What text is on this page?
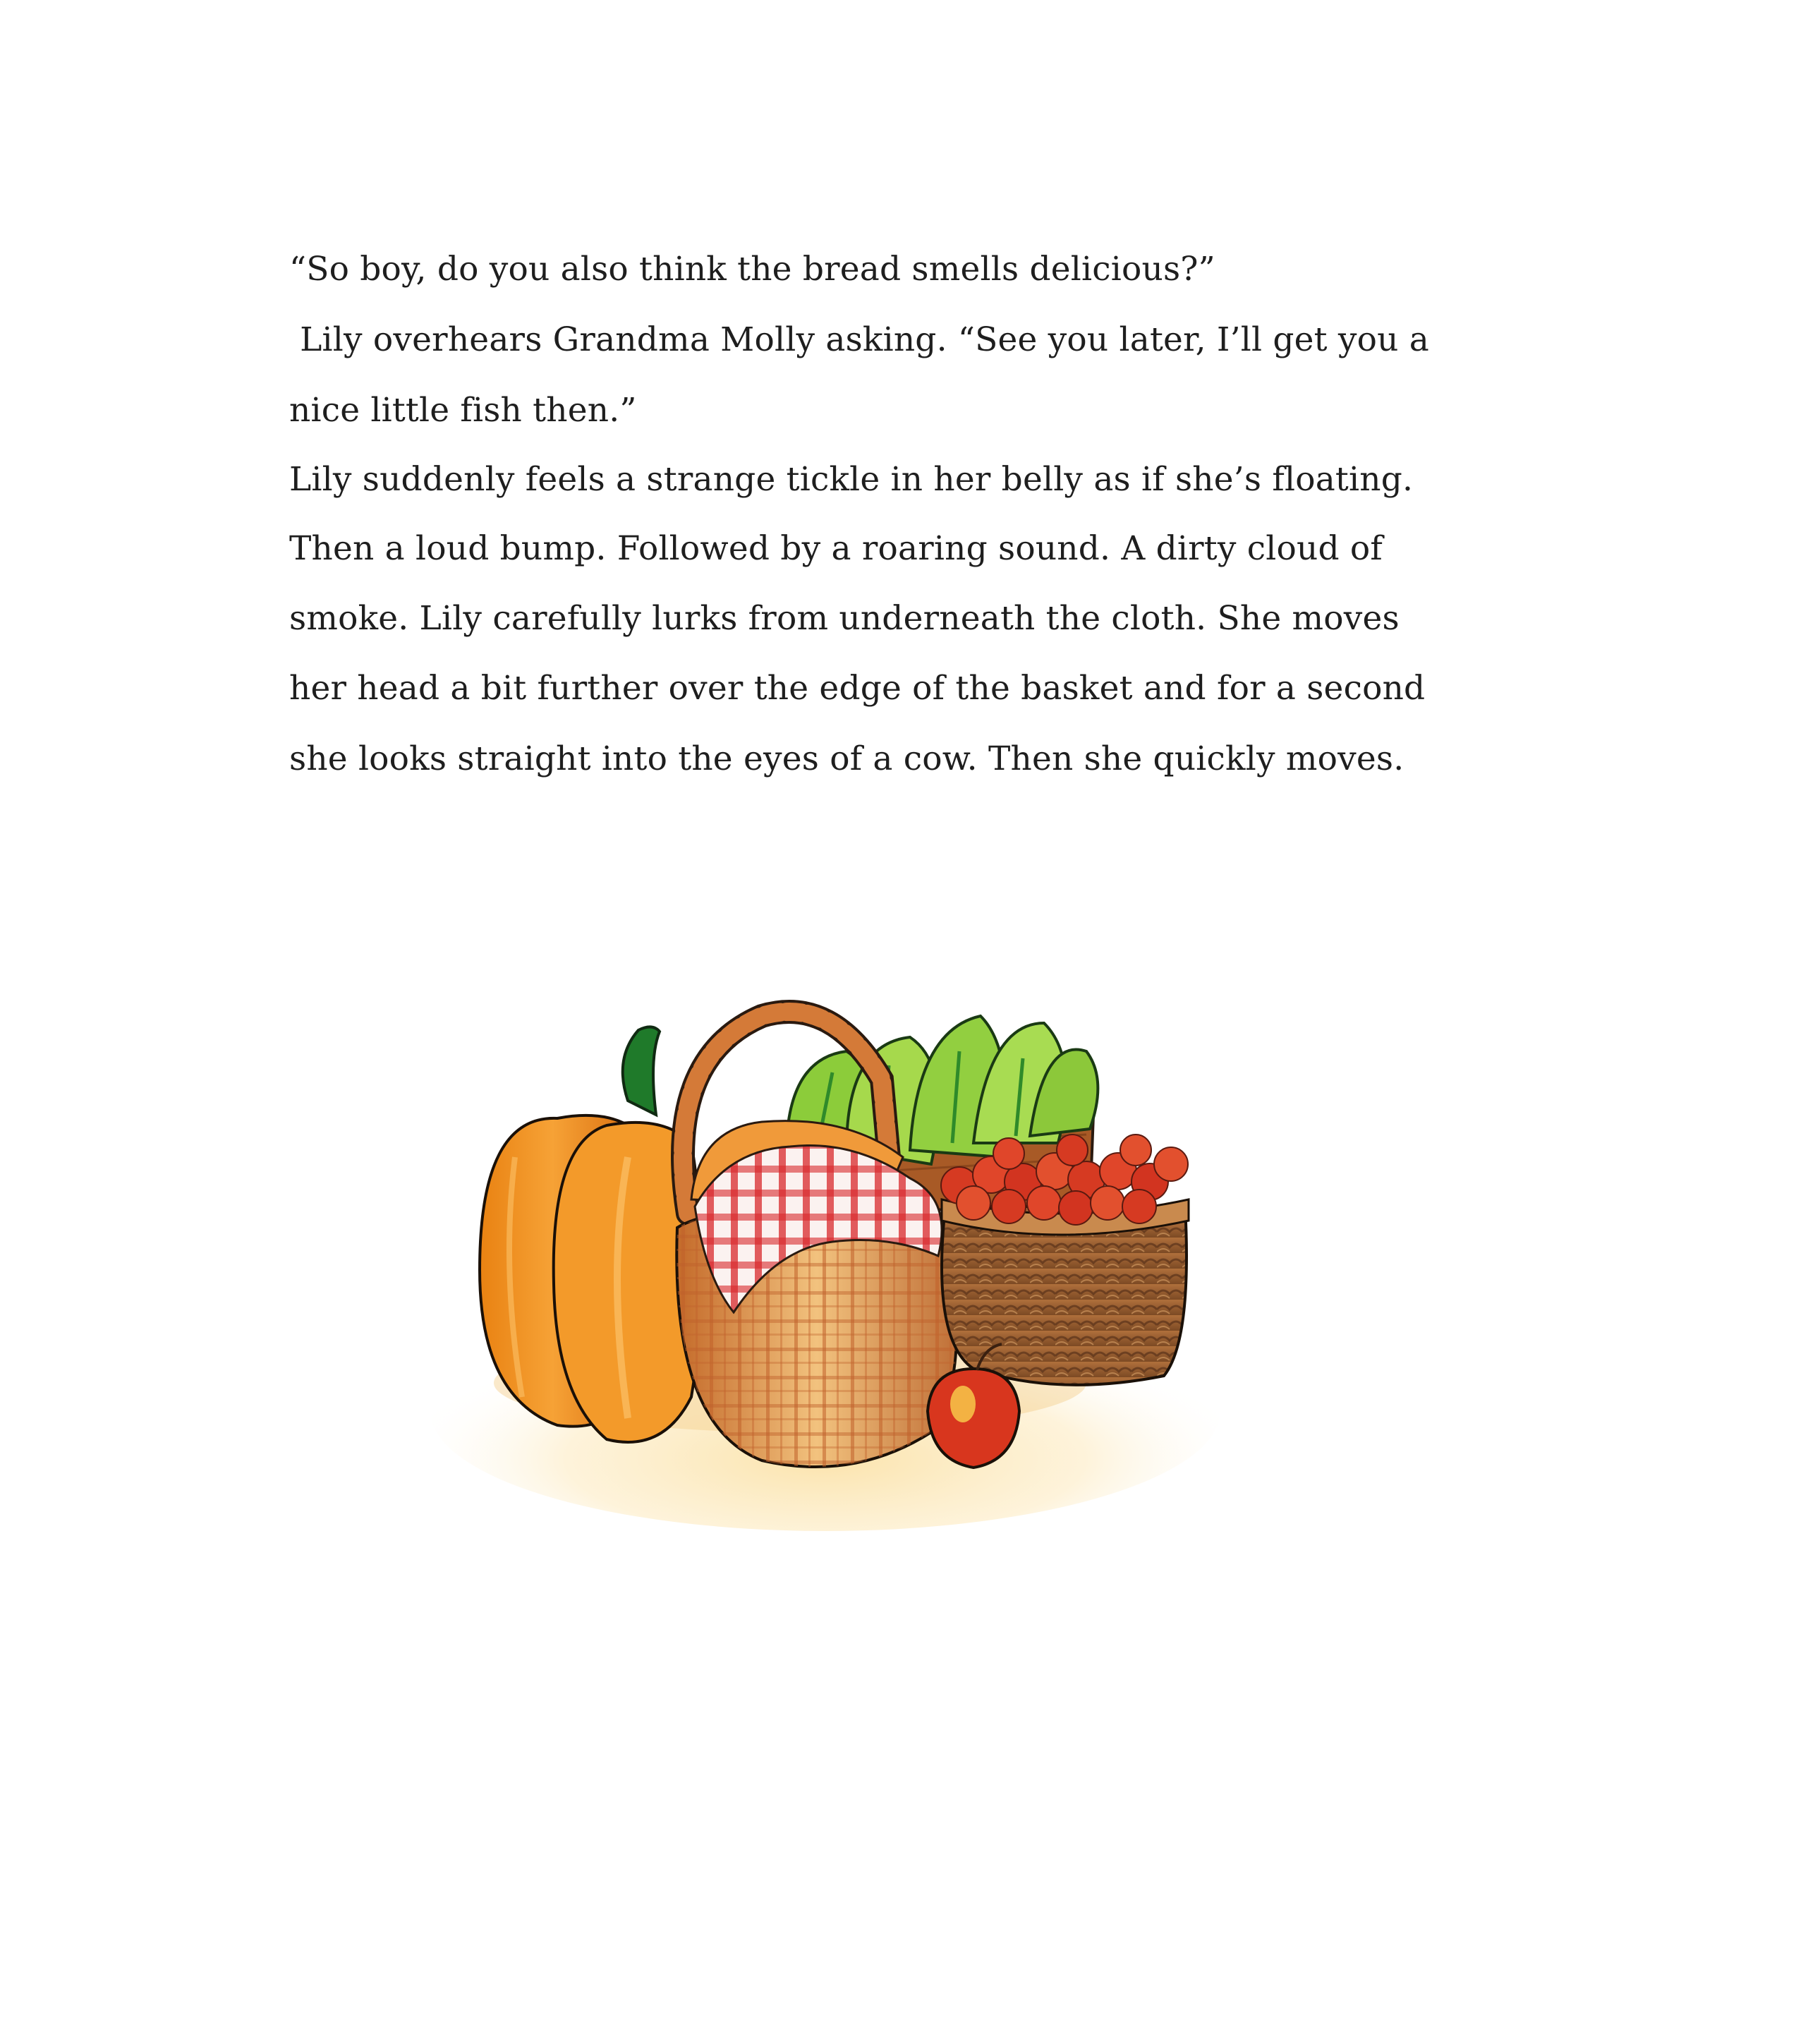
“So boy, do you also think the bread smells delicious?”
Lily overhears Grandma Molly asking. “See you later, I’ll get you a
nice little fish then.”
Lily suddenly feels a strange tickle in her belly as if she’s floating.
Then a loud bump. Followed by a roaring sound. A dirty cloud of
smoke. Lily carefully lurks from underneath the cloth. She moves
her head a bit further over the edge of the basket and for a second
she looks straight into the eyes of a cow. Then she quickly moves.
